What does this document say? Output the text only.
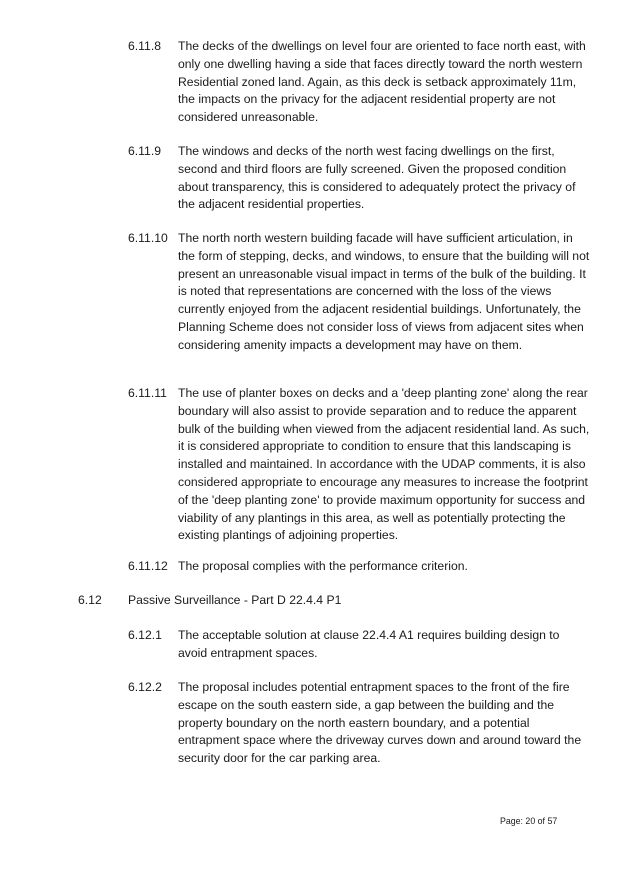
6.11.8 The decks of the dwellings on level four are oriented to face north east, with only one dwelling having a side that faces directly toward the north western Residential zoned land. Again, as this deck is setback approximately 11m, the impacts on the privacy for the adjacent residential property are not considered unreasonable.
6.11.9 The windows and decks of the north west facing dwellings on the first, second and third floors are fully screened. Given the proposed condition about transparency, this is considered to adequately protect the privacy of the adjacent residential properties.
6.11.10 The north north western building facade will have sufficient articulation, in the form of stepping, decks, and windows, to ensure that the building will not present an unreasonable visual impact in terms of the bulk of the building. It is noted that representations are concerned with the loss of the views currently enjoyed from the adjacent residential buildings. Unfortunately, the Planning Scheme does not consider loss of views from adjacent sites when considering amenity impacts a development may have on them.
6.11.11 The use of planter boxes on decks and a 'deep planting zone' along the rear boundary will also assist to provide separation and to reduce the apparent bulk of the building when viewed from the adjacent residential land. As such, it is considered appropriate to condition to ensure that this landscaping is installed and maintained. In accordance with the UDAP comments, it is also considered appropriate to encourage any measures to increase the footprint of the 'deep planting zone' to provide maximum opportunity for success and viability of any plantings in this area, as well as potentially protecting the existing plantings of adjoining properties.
6.11.12 The proposal complies with the performance criterion.
6.12 Passive Surveillance - Part D 22.4.4 P1
6.12.1 The acceptable solution at clause 22.4.4 A1 requires building design to avoid entrapment spaces.
6.12.2 The proposal includes potential entrapment spaces to the front of the fire escape on the south eastern side, a gap between the building and the property boundary on the north eastern boundary, and a potential entrapment space where the driveway curves down and around toward the security door for the car parking area.
Page: 20 of 57
